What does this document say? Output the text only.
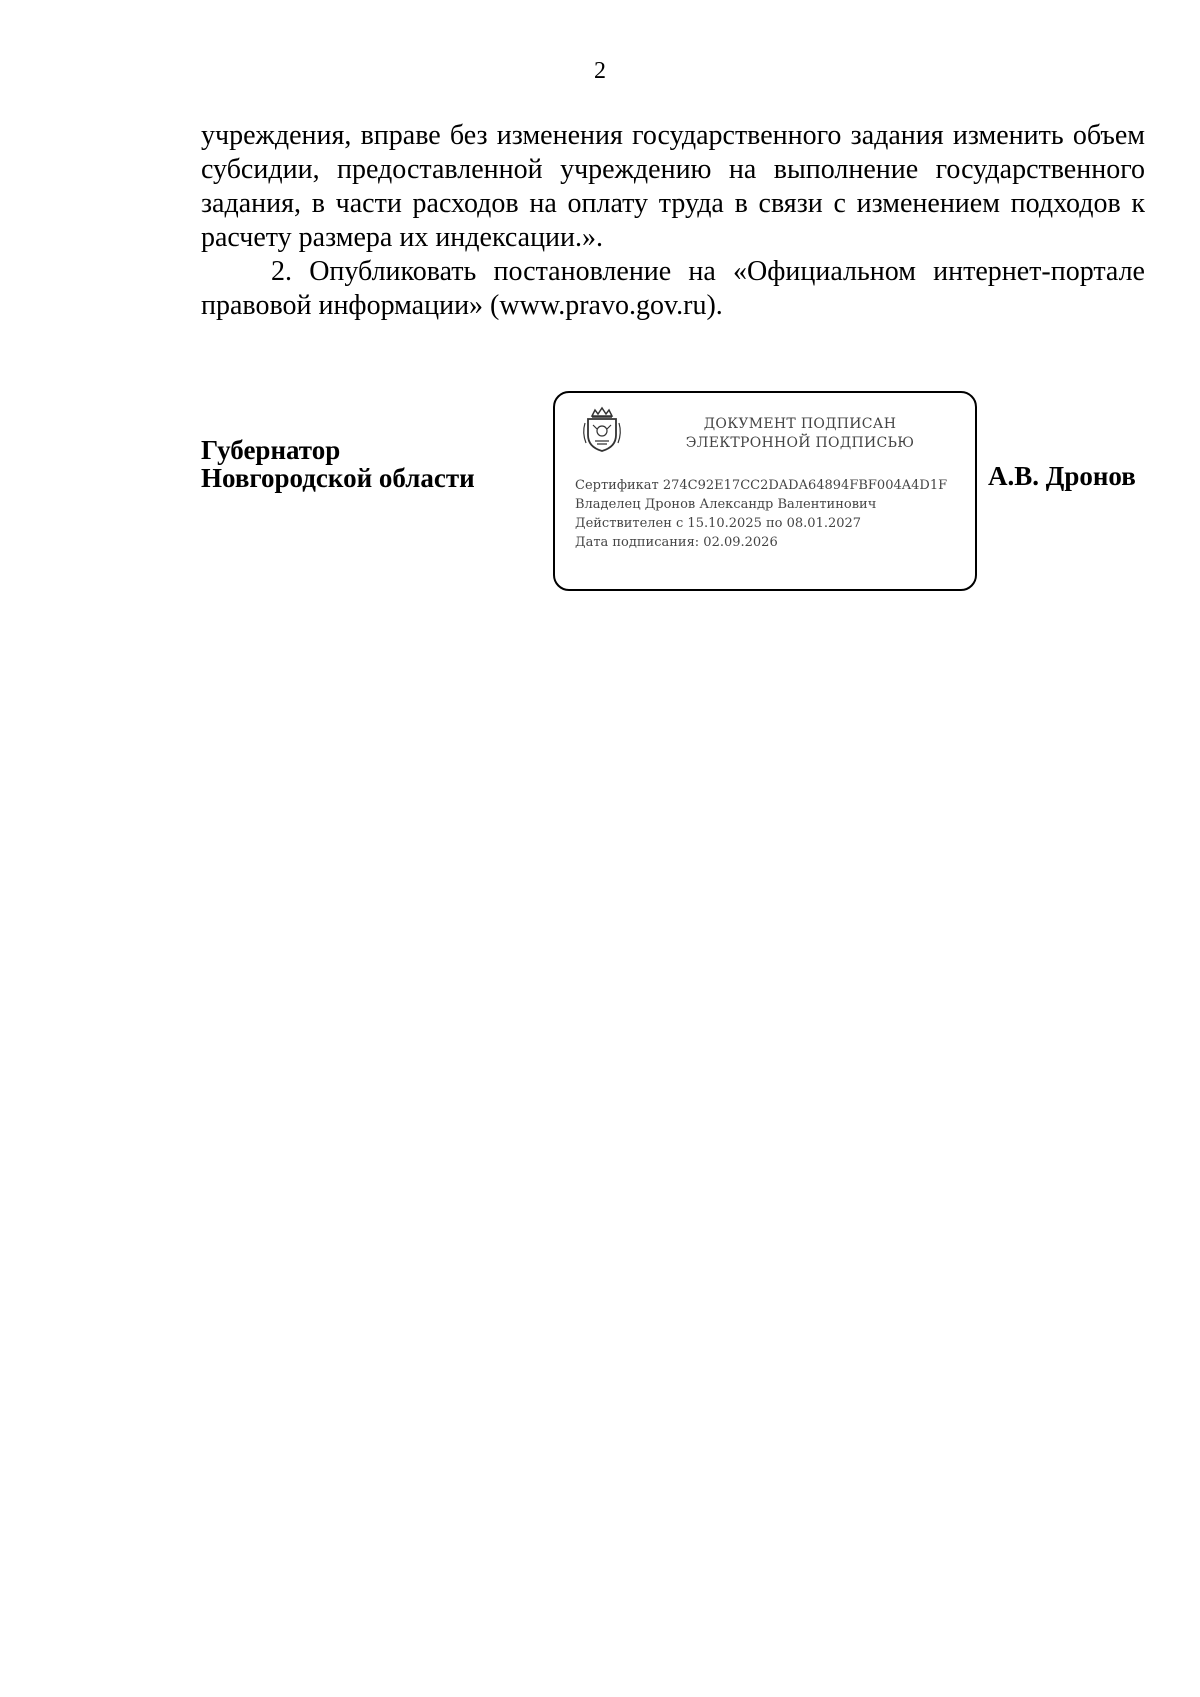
2

учреждения, вправе без изменения государственного задания изменить объем субсидии, предоставленной учреждению на выполнение государственного задания, в части расходов на оплату труда в связи с изменением подходов к расчету размера их индексации.».

2. Опубликовать постановление на «Официальном интернет-портале правовой информации» (www.pravo.gov.ru).

Губернатор
Новгородской области
ДОКУМЕНТ ПОДПИСАН
ЭЛЕКТРОННОЙ ПОДПИСЬЮ
Сертификат 274C92E17CC2DADA64894FBF004A4D1F
Владелец Дронов Александр Валентинович
Действителен с 15.10.2025 по 08.01.2027
Дата подписания: 02.09.2026
А.В. Дронов
